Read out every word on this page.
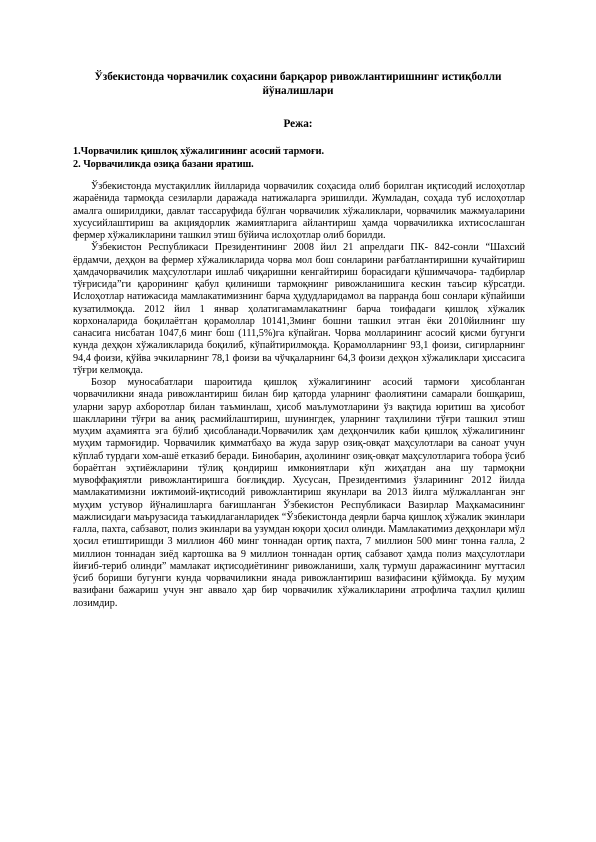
Ўзбекистонда чорвачилик соҳасини барқарор ривожлантиришнинг истиқболли йўналишлари
Режа:
1.Чорвачилик қишлоқ хўжалигининг асосий тармоғи.
2. Чорвачиликда озиқа базани яратиш.

Ўзбекистонда мустақиллик йилларида чорвачилик соҳасида олиб борилган иқтисодий ислоҳотлар жараёнида тармоқда сезиларли даражада натижаларга эришилди. Жумладан, соҳада туб ислоҳотлар амалга оширилдики, давлат тассаруфида бўлган чорвачилик хўжаликлари, чорвачилик мажмуаларини хусусийлаштириш ва акциядорлик жамиятларига айлантириш ҳамда чорвачиликка ихтисослашган фермер хўжаликларини ташкил этиш бўйича ислоҳотлар олиб борилди.

Ўзбекистон Республикаси Президентининг 2008 йил 21 апрелдаги ПК- 842-сонли “Шахсий ёрдамчи, деҳқон ва фермер хўжаликларида чорва мол бош сонларини рағбатлантиришни кучайтириш ҳамдачорвачилик маҳсулотлари ишлаб чиқаришни кенгайтириш борасидаги қўшимчачора- тадбирлар тўғрисида”ги қарорининг қабул қилиниши тармоқнинг ривожланишига кескин таъсир кўрсатди. Ислоҳотлар натижасида мамлакатимизнинг барча ҳудудларидамол ва парранда бош сонлари кўпайиши кузатилмоқда. 2012 йил 1 январ ҳолатигамамлакатнинг барча тоифадаги қишлоқ хўжалик корхоналарида боқилаётган қорамоллар 10141,3минг бошни ташкил этган ёки 2010йилнинг шу санасига нисбатан 1047,6 минг бош (111,5%)га кўпайган. Чорва молларининг асосий қисми бугунги кунда деҳқон хўжаликларида боқилиб, кўпайтирилмоқда. Қорамолларнинг 93,1 фоизи, сигирларнинг 94,4 фоизи, қўйва эчкиларнинг 78,1 фоизи ва чўчқаларнинг 64,3 фоизи деҳқон хўжаликлари ҳиссасига тўғри келмоқда.

Бозор муносабатлари шароитида қишлоқ хўжалигининг асосий тармоғи ҳисобланган чорвачиликни янада ривожлантириш билан бир қаторда уларнинг фаолиятини самарали бошқариш, уларни зарур ахборотлар билан таъминлаш, ҳисоб маълумотларини ўз вақтида юритиш ва ҳисобот шаклларини тўғри ва аниқ расмийлаштириш, шунингдек, уларнинг таҳлилини тўғри ташкил этиш муҳим аҳамиятга эга бўлиб ҳисобланади.Чорвачилик ҳам деҳқончилик каби қишлоқ хўжалигининг муҳим тармоғидир. Чорвачилик қимматбаҳо ва жуда зарур озиқ-овқат маҳсулотлари ва саноат учун кўплаб турдаги хом-ашё етказиб беради. Бинобарин, аҳолининг озиқ-овқат маҳсулотларига тобора ўсиб бораётган эҳтиёжларини тўлиқ қондириш имкониятлари кўп жиҳатдан ана шу тармоқни мувоффақиятли ривожлантиришга боғлиқдир. Хусусан, Президентимиз ўзларининг 2012 йилда мамлакатимизни ижтимоий-иқтисодий ривожлантириш якунлари ва 2013 йилга мўлжалланган энг муҳим устувор йўналишларга бағишланган Ўзбекистон Республикаси Вазирлар Маҳкамасининг мажлисидаги маърузасида таъкидлаганларидек “Ўзбекистонда деярли барча қишлоқ хўжалик экинлари ғалла, пахта, сабзавот, полиз экинлари ва узумдан юқори ҳосил олинди. Мамлакатимиз деҳқонлари мўл ҳосил етиштиришди 3 миллион 460 минг тоннадан ортиқ пахта, 7 миллион 500 минг тонна ғалла, 2 миллион тоннадан зиёд картошка ва 9 миллион тоннадан ортиқ сабзавот ҳамда полиз маҳсулотлари йиғиб-териб олинди” мамлакат иқтисодиётининг ривожланиши, халқ турмуш даражасининг муттасил ўсиб бориши бугунги кунда чорвачиликни янада ривожлантириш вазифасини қўймоқда. Бу муҳим вазифани бажариш учун энг аввало ҳар бир чорвачилик хўжаликларини атрофлича таҳлил қилиш лозимдир.
